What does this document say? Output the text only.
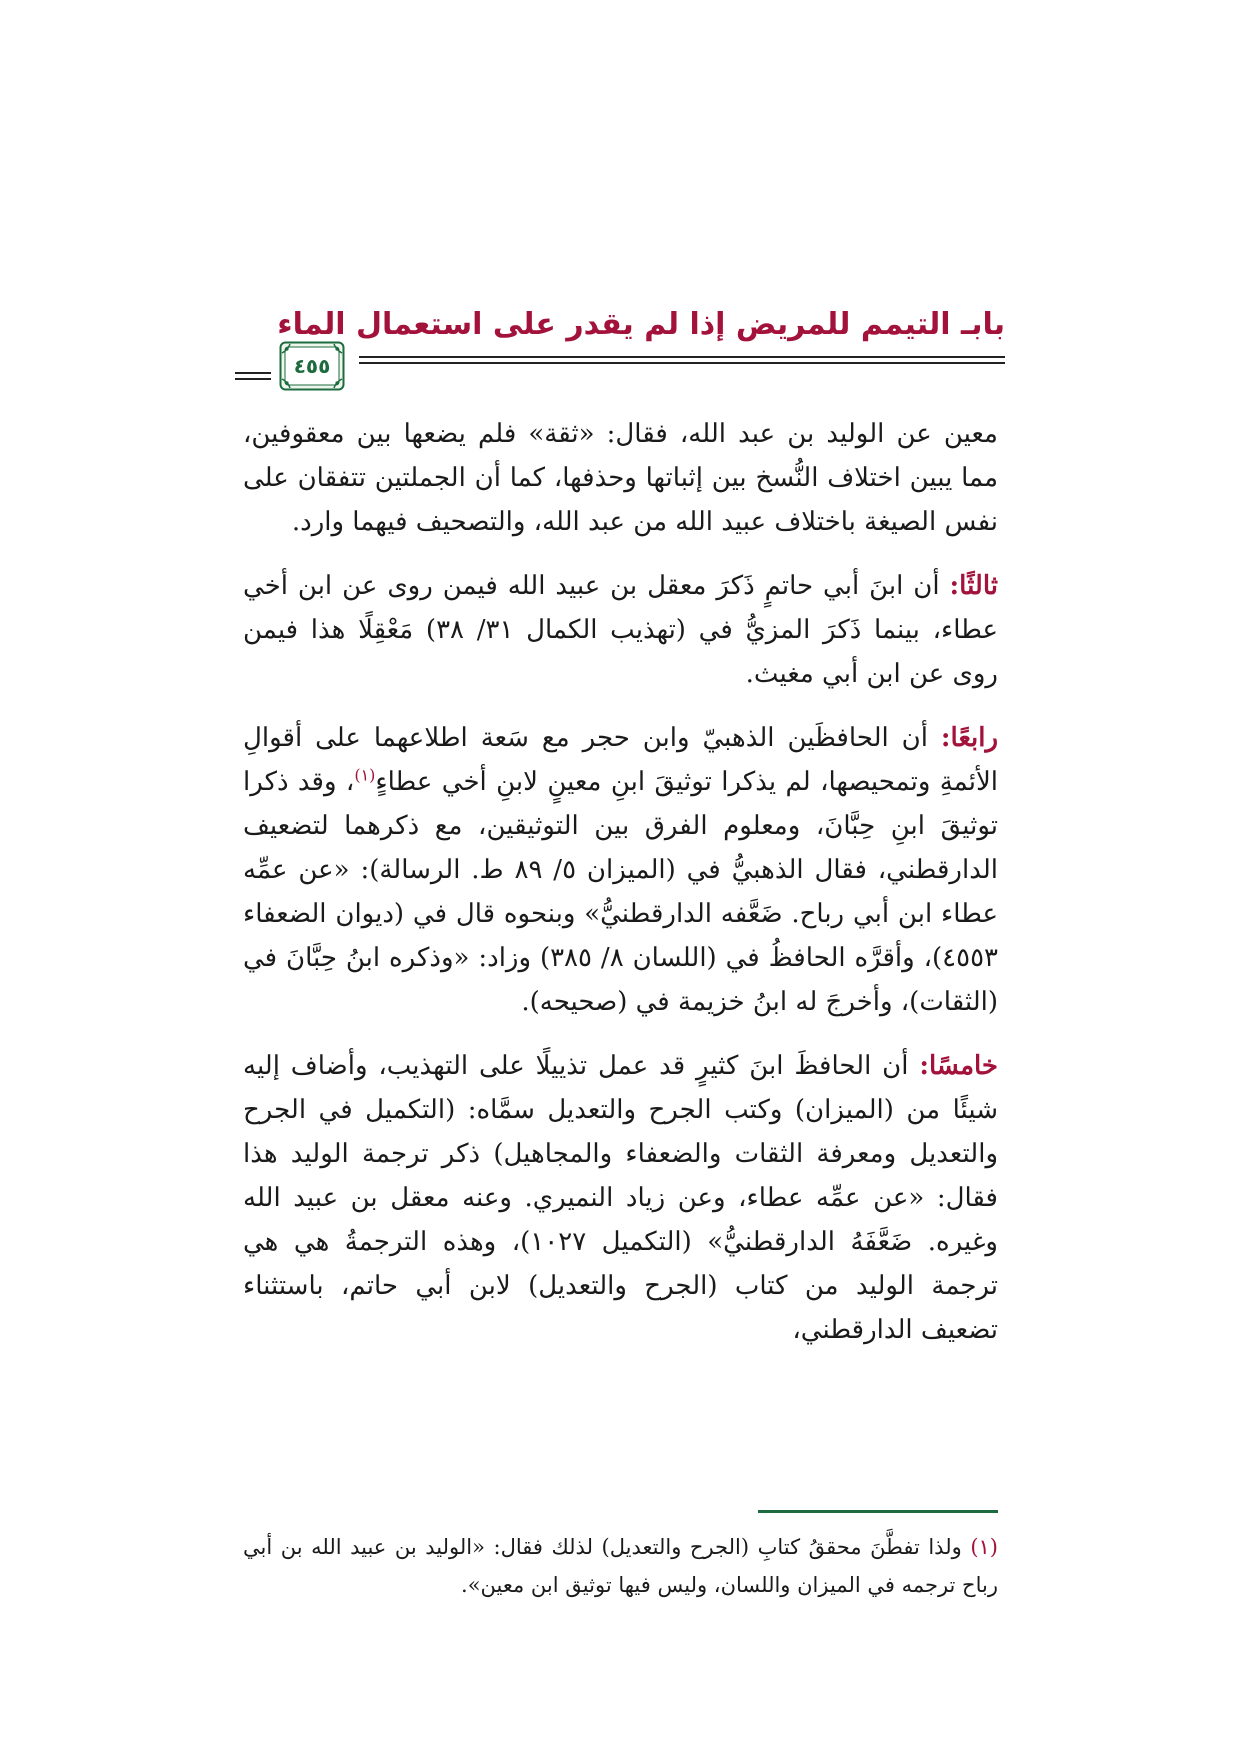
بابـ التيمم للمريض إذا لم يقدر على استعمال الماء
٤٥٥

معين عن الوليد بن عبد الله، فقال: «ثقة» فلم يضعها بين معقوفين، مما يبين اختلاف النُّسخ بين إثباتها وحذفها، كما أن الجملتين تتفقان على نفس الصيغة باختلاف عبيد الله من عبد الله، والتصحيف فيهما وارد.

ثالثًا: أن ابنَ أبي حاتمٍ ذَكرَ معقل بن عبيد الله فيمن روى عن ابن أخي عطاء، بينما ذَكرَ المزيُّ في (تهذيب الكمال ٣١/ ٣٨) مَعْقِلًا هذا فيمن روى عن ابن أبي مغيث.

رابعًا: أن الحافظَين الذهبيّ وابن حجر مع سَعة اطلاعهما على أقوالِ الأئمةِ وتمحيصها، لم يذكرا توثيقَ ابنِ معينٍ لابنِ أخي عطاءٍ$^{(١)}$، وقد ذكرا توثيقَ ابنِ حِبَّانَ، ومعلوم الفرق بين التوثيقين، مع ذكرهما لتضعيف الدارقطني، فقال الذهبيُّ في (الميزان ٥/ ٨٩ ط. الرسالة): «عن عمِّه عطاء ابن أبي رباح. ضَعَّفه الدارقطنيُّ» وبنحوه قال في (ديوان الضعفاء ٤٥٥٣)، وأقرَّه الحافظُ في (اللسان ٨/ ٣٨٥) وزاد: «وذكره ابنُ حِبَّانَ في (الثقات)، وأخرجَ له ابنُ خزيمة في (صحيحه).

خامسًا: أن الحافظَ ابنَ كثيرٍ قد عمل تذييلًا على التهذيب، وأضاف إليه شيئًا من (الميزان) وكتب الجرح والتعديل سمَّاه: (التكميل في الجرح والتعديل ومعرفة الثقات والضعفاء والمجاهيل) ذكر ترجمة الوليد هذا فقال: «عن عمِّه عطاء، وعن زياد النميري. وعنه معقل بن عبيد الله وغيره. ضَعَّفَهُ الدارقطنيُّ» (التكميل ١٠٢٧)، وهذه الترجمةُ هي هي ترجمة الوليد من كتاب (الجرح والتعديل) لابن أبي حاتم، باستثناء تضعيف الدارقطني،

(١) ولذا تفطَّنَ محققُ كتابِ (الجرح والتعديل) لذلك فقال: «الوليد بن عبيد الله بن أبي رباح ترجمه في الميزان واللسان، وليس فيها توثيق ابن معين».
